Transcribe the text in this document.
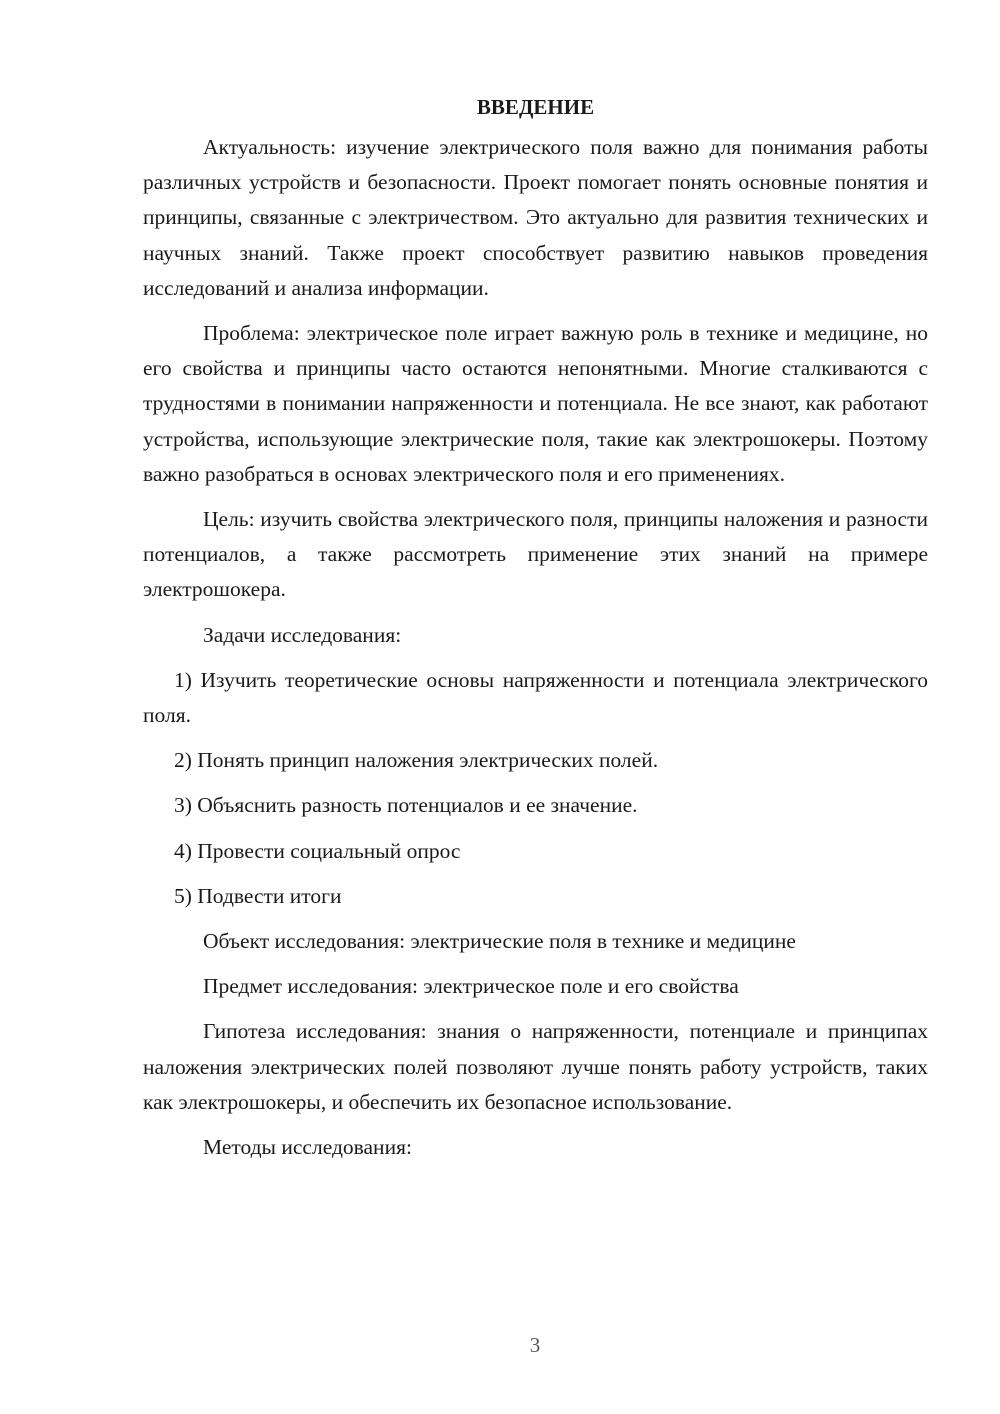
ВВЕДЕНИЕ

Актуальность: изучение электрического поля важно для понимания работы различных устройств и безопасности. Проект помогает понять основные понятия и принципы, связанные с электричеством. Это актуально для развития технических и научных знаний. Также проект способствует развитию навыков проведения исследований и анализа информации.

Проблема: электрическое поле играет важную роль в технике и медицине, но его свойства и принципы часто остаются непонятными. Многие сталкиваются с трудностями в понимании напряженности и потенциала. Не все знают, как работают устройства, использующие электрические поля, такие как электрошокеры. Поэтому важно разобраться в основах электрического поля и его применениях.

Цель: изучить свойства электрического поля, принципы наложения и разности потенциалов, а также рассмотреть применение этих знаний на примере электрошокера.

Задачи исследования:

1) Изучить теоретические основы напряженности и потенциала электрического поля.

2) Понять принцип наложения электрических полей.

3) Объяснить разность потенциалов и ее значение.

4) Провести социальный опрос

5) Подвести итоги

Объект исследования: электрические поля в технике и медицине

Предмет исследования: электрическое поле и его свойства

Гипотеза исследования: знания о напряженности, потенциале и принципах наложения электрических полей позволяют лучше понять работу устройств, таких как электрошокеры, и обеспечить их безопасное использование.

Методы исследования:

3
